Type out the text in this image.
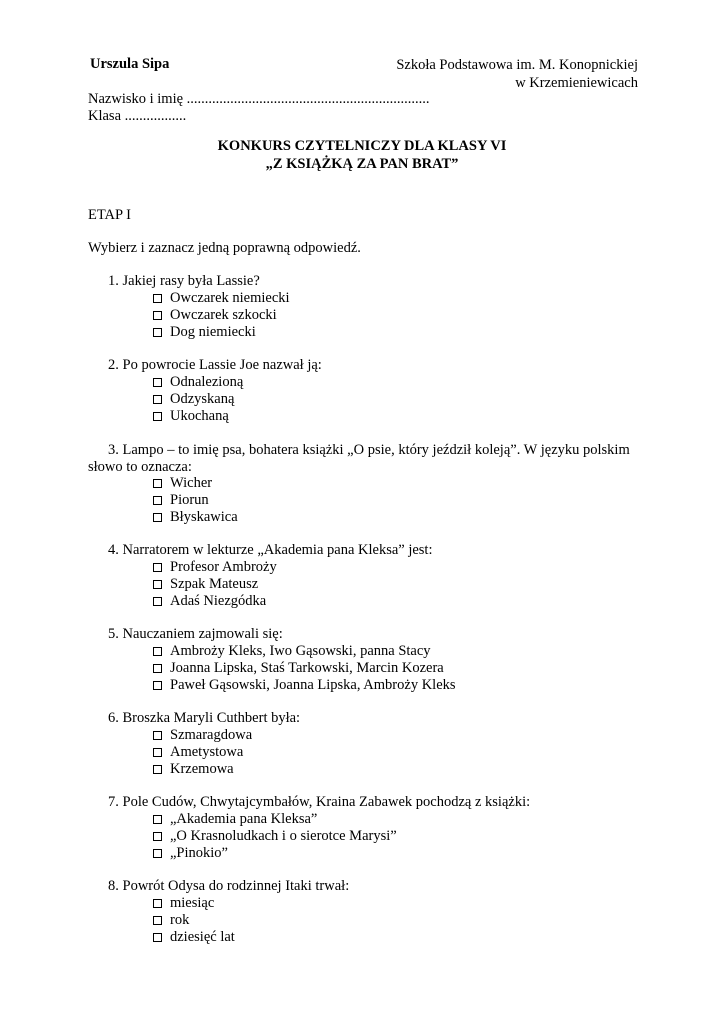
Urszula Sipa	Szkoła Podstawowa im. M. Konopnickiej
w Krzemieniewicach
Nazwisko i imię ...................................................................
Klasa .................
KONKURS CZYTELNICZY DLA KLASY VI
„Z KSIĄŻKĄ ZA PAN BRAT”
ETAP I
Wybierz i zaznacz jedną poprawną odpowiedź.
1. Jakiej rasy była Lassie?
Owczarek niemiecki
Owczarek szkocki
Dog niemiecki
2. Po powrocie Lassie Joe nazwał ją:
Odnalezioną
Odzyskaną
Ukochaną
3. Lampo – to imię psa, bohatera książki „O psie, który jeździł koleją”. W języku polskim
słowo to oznacza:
Wicher
Piorun
Błyskawica
4. Narratorem w lekturze „Akademia pana Kleksa” jest:
Profesor Ambroży
Szpak Mateusz
Adaś Niezgódka
5. Nauczaniem zajmowali się:
Ambroży Kleks, Iwo Gąsowski, panna Stacy
Joanna Lipska, Staś Tarkowski, Marcin Kozera
Paweł Gąsowski, Joanna Lipska, Ambroży Kleks
6. Broszka Maryli Cuthbert była:
Szmaragdowa
Ametystowa
Krzemowa
7. Pole Cudów, Chwytajcymbałów, Kraina Zabawek pochodzą z książki:
„Akademia pana Kleksa”
„O Krasnoludkach i o sierotce Marysi”
„Pinokio”
8. Powrót Odysa do rodzinnej Itaki trwał:
miesiąc
rok
dziesięć lat
